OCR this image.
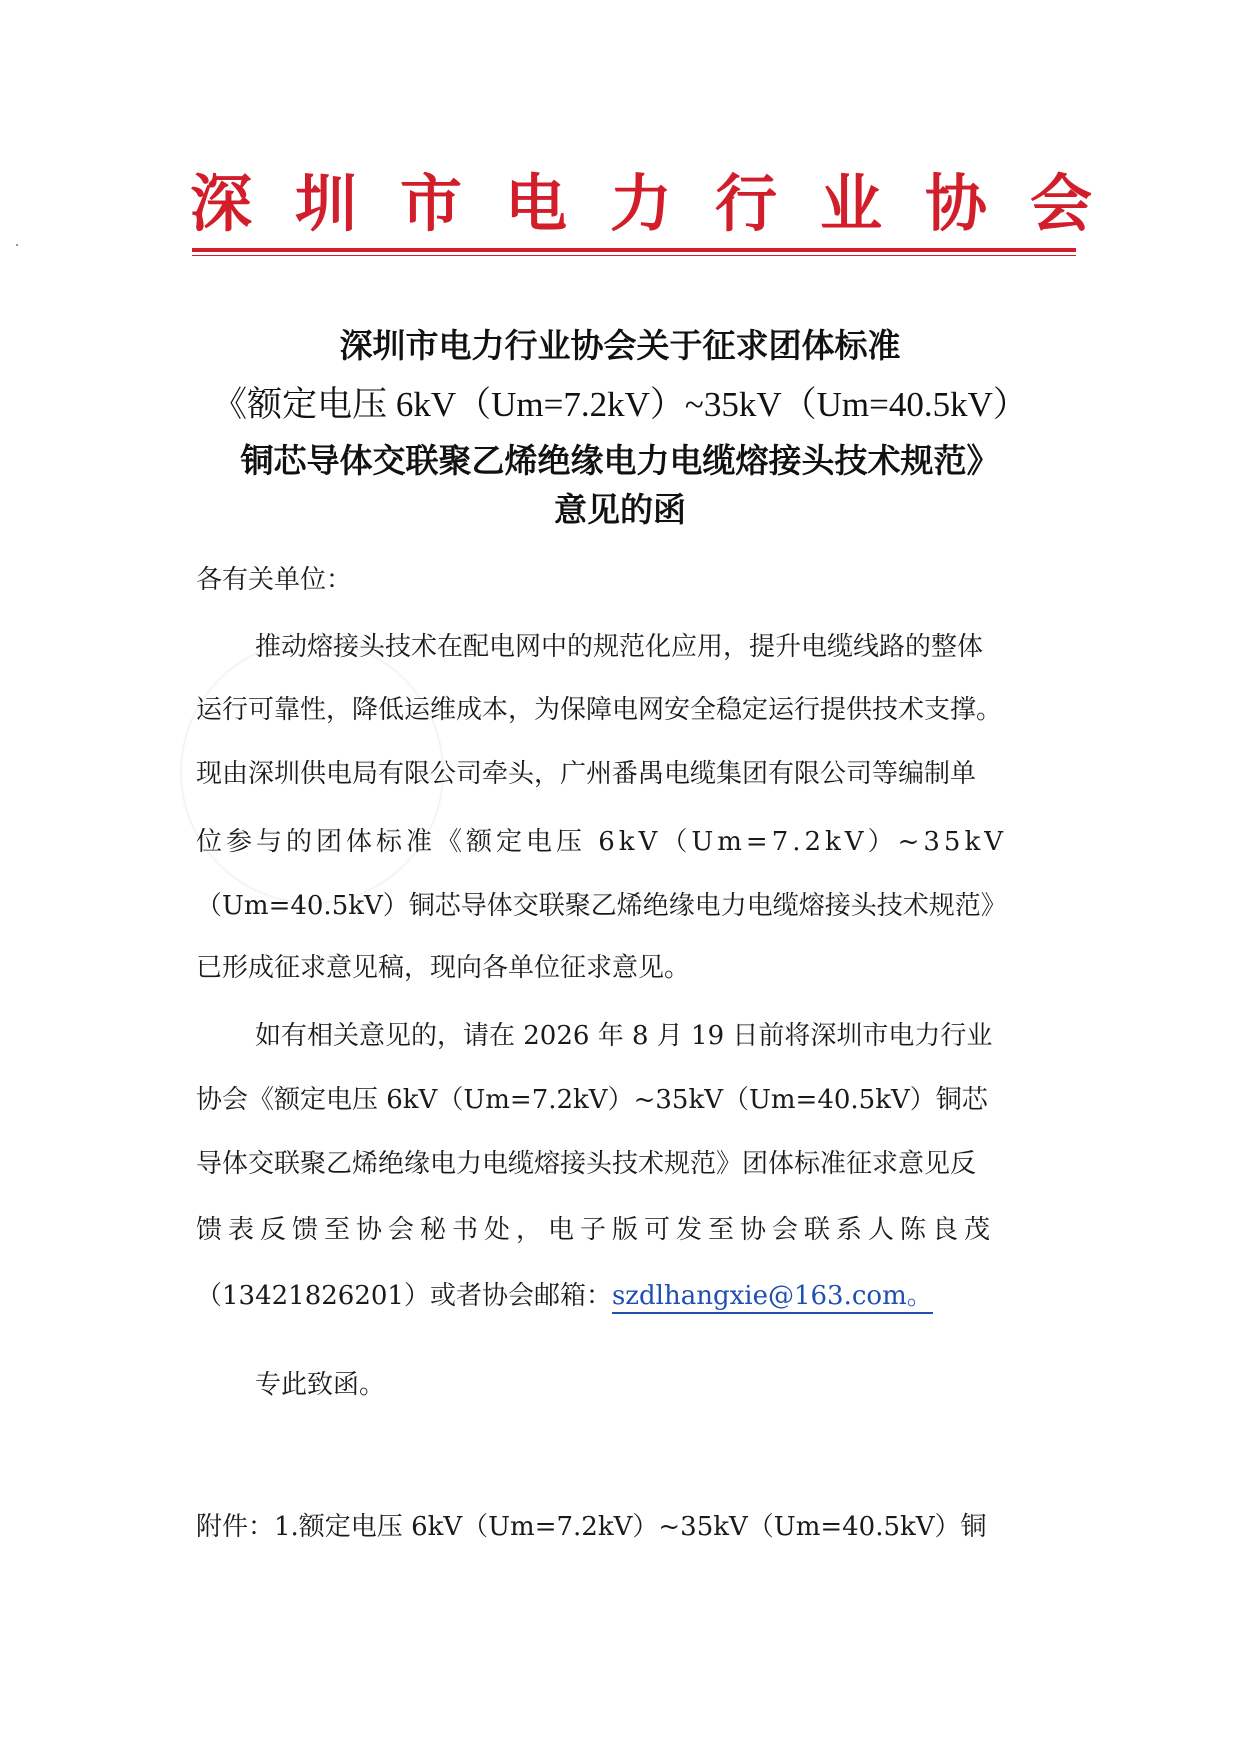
深圳市电力行业协会
深圳市电力行业协会关于征求团体标准
《额定电压 6kV（Um=7.2kV）~35kV（Um=40.5kV）
铜芯导体交联聚乙烯绝缘电力电缆熔接头技术规范》
意见的函
各有关单位：
推动熔接头技术在配电网中的规范化应用，提升电缆线路的整体
运行可靠性，降低运维成本，为保障电网安全稳定运行提供技术支撑。
现由深圳供电局有限公司牵头，广州番禺电缆集团有限公司等编制单
位参与的团体标准《额定电压 6kV（Um=7.2kV）~35kV
（Um=40.5kV）铜芯导体交联聚乙烯绝缘电力电缆熔接头技术规范》
已形成征求意见稿，现向各单位征求意见。
如有相关意见的，请在 2026 年 8 月 19 日前将深圳市电力行业
协会《额定电压 6kV（Um=7.2kV）~35kV（Um=40.5kV）铜芯
导体交联聚乙烯绝缘电力电缆熔接头技术规范》团体标准征求意见反
馈表反馈至协会秘书处，电子版可发至协会联系人陈良茂
（13421826201）或者协会邮箱：szdlhangxie@163.com。
专此致函。
附件：1.额定电压 6kV（Um=7.2kV）~35kV（Um=40.5kV）铜
